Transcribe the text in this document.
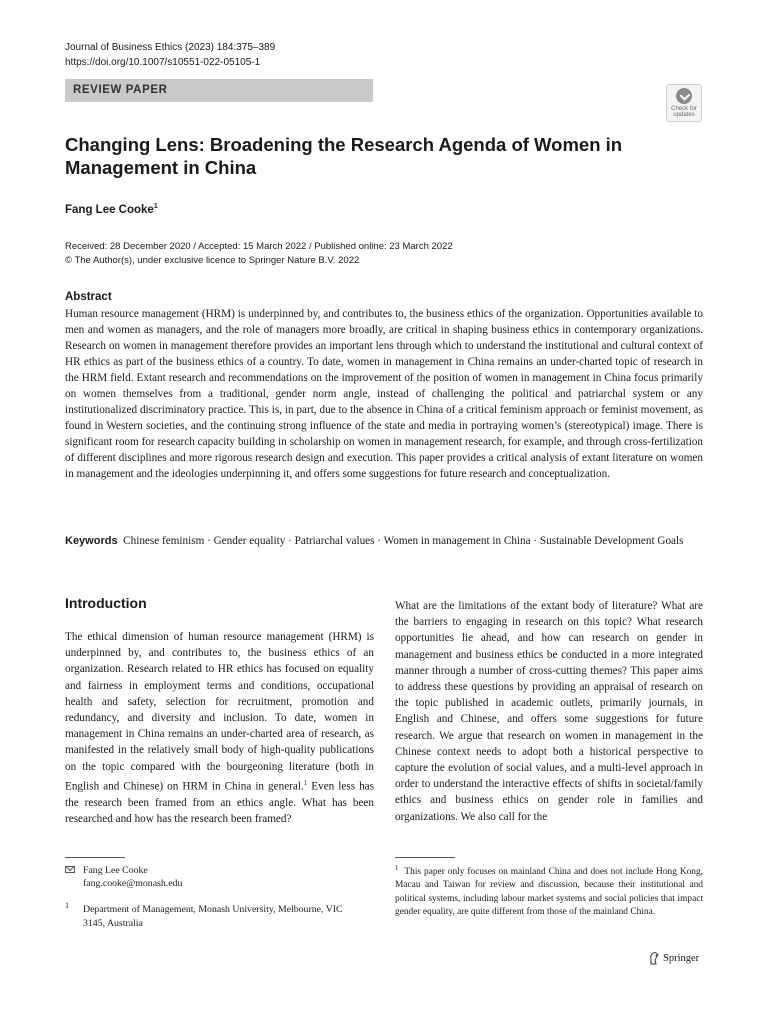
Journal of Business Ethics (2023) 184:375–389
https://doi.org/10.1007/s10551-022-05105-1
REVIEW PAPER
Check for updates
Changing Lens: Broadening the Research Agenda of Women in Management in China
Fang Lee Cooke$^1$
Received: 28 December 2020 / Accepted: 15 March 2022 / Published online: 23 March 2022
© The Author(s), under exclusive licence to Springer Nature B.V. 2022
Abstract

Human resource management (HRM) is underpinned by, and contributes to, the business ethics of the organization. Opportunities available to men and women as managers, and the role of managers more broadly, are critical in shaping business ethics in contemporary organizations. Research on women in management therefore provides an important lens through which to understand the institutional and cultural context of HR ethics as part of the business ethics of a country. To date, women in management in China remains an under-charted topic of research in the HRM field. Extant research and recommendations on the improvement of the position of women in management in China focus primarily on women themselves from a traditional, gender norm angle, instead of challenging the political and patriarchal system or any institutionalized discriminatory practice. This is, in part, due to the absence in China of a critical feminism approach or feminist movement, as found in Western societies, and the continuing strong influence of the state and media in portraying women’s (stereotypical) image. There is significant room for research capacity building in scholarship on women in management research, for example, and through cross-fertilization of different disciplines and more rigorous research design and execution. This paper provides a critical analysis of extant literature on women in management and the ideologies underpinning it, and offers some suggestions for future research and conceptualization.

Keywords Chinese feminism · Gender equality · Patriarchal values · Women in management in China · Sustainable Development Goals

Introduction

The ethical dimension of human resource management (HRM) is underpinned by, and contributes to, the business ethics of an organization. Research related to HR ethics has focused on equality and fairness in employment terms and conditions, occupational health and safety, selection for recruitment, promotion and redundancy, and diversity and inclusion. To date, women in management in China remains an under-charted area of research, as manifested in the relatively small body of high-quality publications on the topic compared with the bourgeoning literature (both in English and Chinese) on HRM in China in general.$^1$ Even less has the research been framed from an ethics angle. What has been researched and how has the research been framed?

What are the limitations of the extant body of literature? What are the barriers to engaging in research on this topic? What research opportunities lie ahead, and how can research on gender in management and business ethics be conducted in a more integrated manner through a number of cross-cutting themes? This paper aims to address these questions by providing an appraisal of research on the topic published in academic outlets, primarily journals, in English and Chinese, and offers some suggestions for future research. We argue that research on women in management in the Chinese context needs to adopt both a historical perspective to capture the evolution of social values, and a multi-level approach in order to understand the interactive effects of shifts in societal/family ethics and business ethics on gender role in families and organizations. We also call for the

Fang Lee Cooke
fang.cooke@monash.edu
1 Department of Management, Monash University, Melbourne, VIC 3145, Australia

$^1$ This paper only focuses on mainland China and does not include Hong Kong, Macau and Taiwan for review and discussion, because their institutional and political systems, including labour market systems and social policies that impact gender equality, are quite different from those of the mainland China.

Springer
